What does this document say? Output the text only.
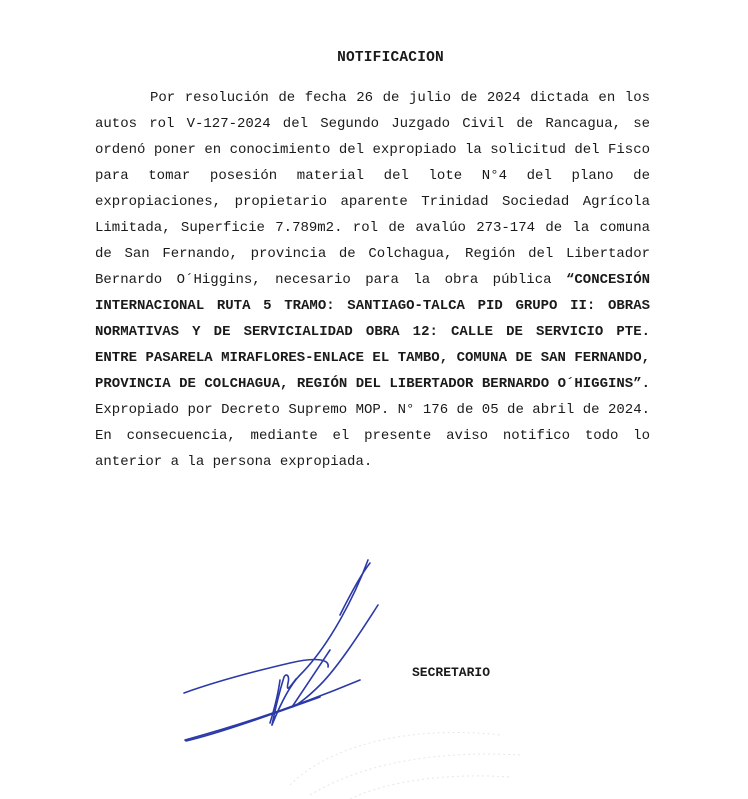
NOTIFICACION

Por resolución de fecha 26 de julio de 2024 dictada en los autos rol V-127-2024 del Segundo Juzgado Civil de Rancagua, se ordenó poner en conocimiento del expropiado la solicitud del Fisco para tomar posesión material del lote N°4 del plano de expropiaciones, propietario aparente Trinidad Sociedad Agrícola Limitada, Superficie 7.789m2. rol de avalúo 273-174 de la comuna de San Fernando, provincia de Colchagua, Región del Libertador Bernardo O´Higgins, necesario para la obra pública “CONCESIÓN INTERNACIONAL RUTA 5 TRAMO: SANTIAGO-TALCA PID GRUPO II: OBRAS NORMATIVAS Y DE SERVICIALIDAD OBRA 12: CALLE DE SERVICIO PTE. ENTRE PASARELA MIRAFLORES-ENLACE EL TAMBO, COMUNA DE SAN FERNANDO, PROVINCIA DE COLCHAGUA, REGIÓN DEL LIBERTADOR BERNARDO O´HIGGINS”. Expropiado por Decreto Supremo MOP. N° 176 de 05 de abril de 2024. En consecuencia, mediante el presente aviso notifico todo lo anterior a la persona expropiada.

SECRETARIO
